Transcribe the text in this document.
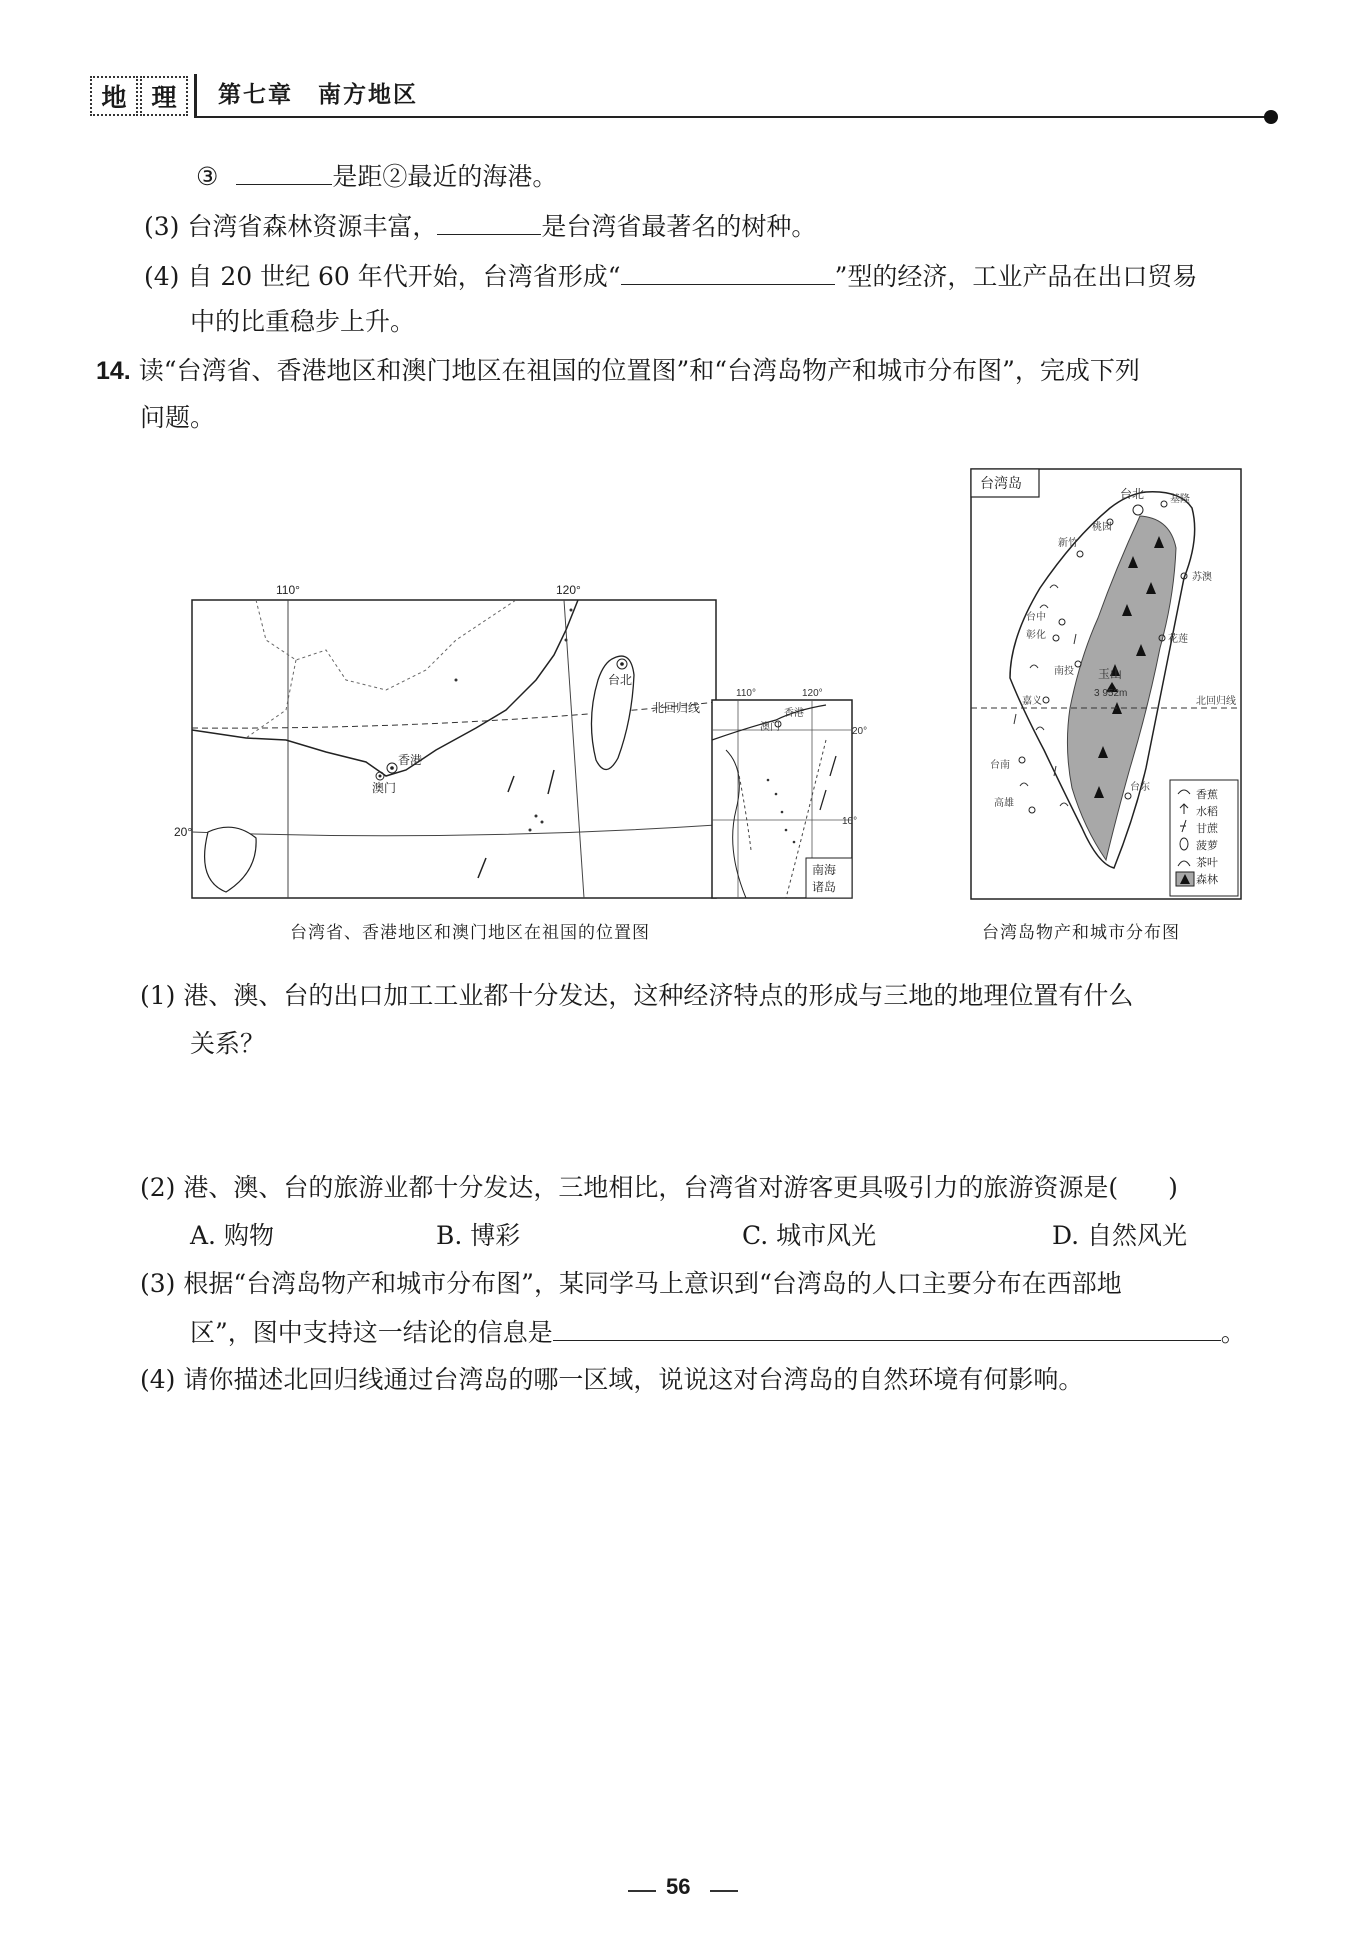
地 理 第七章　南方地区
③	是距②最近的海港。
(3) 台湾省森林资源丰富，	是台湾省最著名的树种。
(4) 自 20 世纪 60 年代开始，台湾省形成“	”型的经济，工业产品在出口贸易
中的比重稳步上升。
14. 读“台湾省、香港地区和澳门地区在祖国的位置图”和“台湾岛物产和城市分布图”，完成下列
问题。
110°	120°
20°
台北
北回归线
香港
澳门
110°	120°
20°
10°
香港
澳门
南海
诸岛
台湾省、香港地区和澳门地区在祖国的位置图
台湾岛
台北	基隆
桃园
新竹
苏澳
台中
彰化	花莲
南投 玉山
3 952m
嘉义	北回归线
台南
高雄
台东
香蕉
水稻
甘蔗
菠萝
茶叶
森林
台湾岛物产和城市分布图
(1) 港、澳、台的出口加工工业都十分发达，这种经济特点的形成与三地的地理位置有什么
关系？
(2) 港、澳、台的旅游业都十分发达，三地相比，台湾省对游客更具吸引力的旅游资源是(　　)
A. 购物	B. 博彩	C. 城市风光	D. 自然风光
(3) 根据“台湾岛物产和城市分布图”，某同学马上意识到“台湾岛的人口主要分布在西部地
区”，图中支持这一结论的信息是	。
(4) 请你描述北回归线通过台湾岛的哪一区域，说说这对台湾岛的自然环境有何影响。
56
